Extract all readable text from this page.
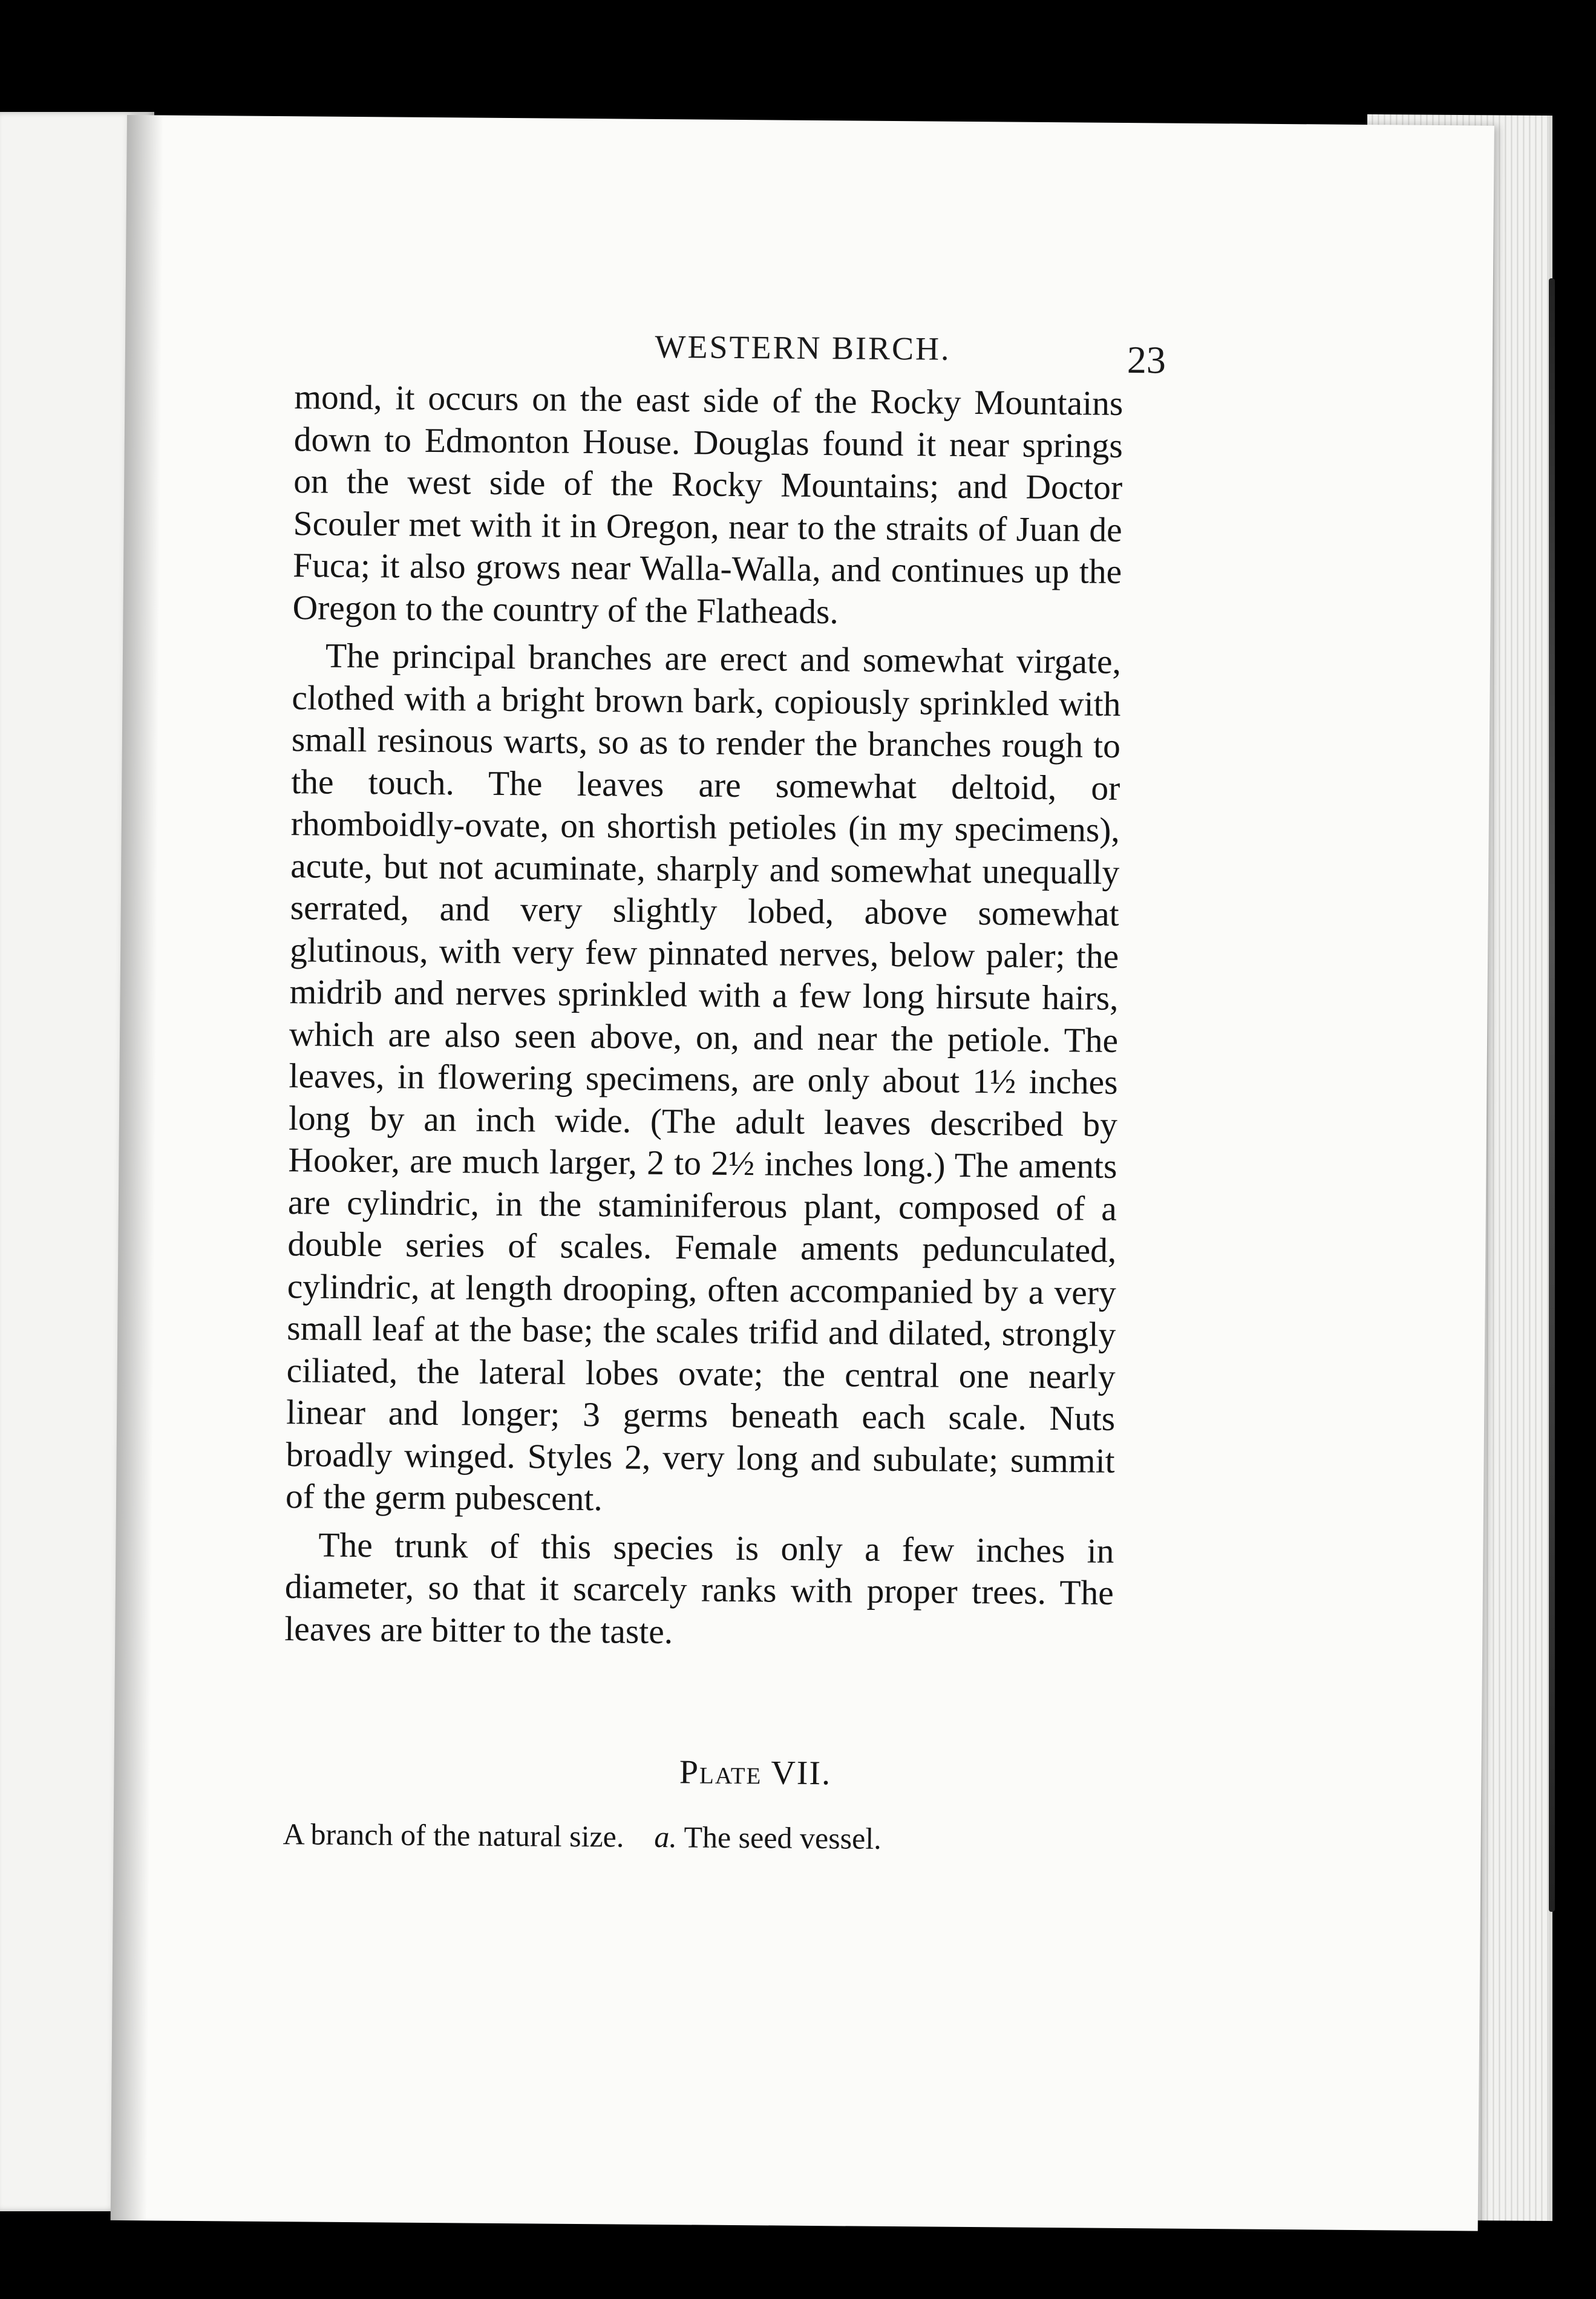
WESTERN BIRCH.	23

mond, it occurs on the east side of the Rocky Mountains down to Edmonton House. Douglas found it near springs on the west side of the Rocky Mountains; and Doctor Scouler met with it in Oregon, near to the straits of Juan de Fuca; it also grows near Walla-Walla, and continues up the Oregon to the country of the Flatheads.

The principal branches are erect and somewhat virgate, clothed with a bright brown bark, copiously sprinkled with small resinous warts, so as to render the branches rough to the touch. The leaves are somewhat deltoid, or rhomboidly-ovate, on shortish petioles (in my specimens), acute, but not acuminate, sharply and somewhat unequally serrated, and very slightly lobed, above somewhat glutinous, with very few pinnated nerves, below paler; the midrib and nerves sprinkled with a few long hirsute hairs, which are also seen above, on, and near the petiole. The leaves, in flowering specimens, are only about 1½ inches long by an inch wide. (The adult leaves described by Hooker, are much larger, 2 to 2½ inches long.) The aments are cylindric, in the staminiferous plant, composed of a double series of scales. Female aments pedunculated, cylindric, at length drooping, often accompanied by a very small leaf at the base; the scales trifid and dilated, strongly ciliated, the lateral lobes ovate; the central one nearly linear and longer; 3 germs beneath each scale. Nuts broadly winged. Styles 2, very long and subulate; summit of the germ pubescent.

The trunk of this species is only a few inches in diameter, so that it scarcely ranks with proper trees. The leaves are bitter to the taste.

Plate VII.
A branch of the natural size. a. The seed vessel.
